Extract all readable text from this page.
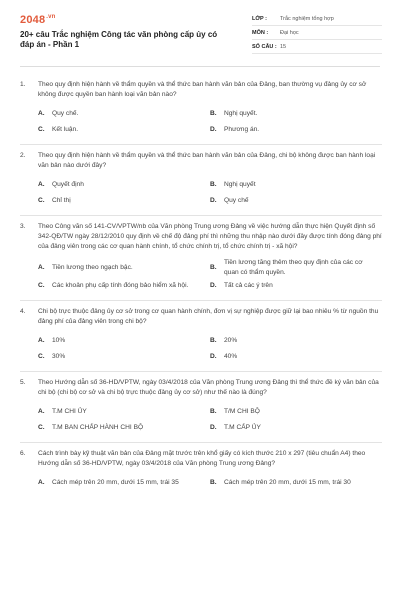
$2048^{.vn}$
20+ câu Trắc nghiệm Công tác văn phòng cấp ủy có đáp án - Phần 1
LỚP :	Trắc nghiệm tổng hợp
MÔN :	Đại học
SỐ CÂU : 15
1.	Theo quy định hiện hành về thẩm quyền và thể thức ban hành văn bản của Đảng, ban thường vụ đảng ủy cơ sở không được quyền ban hành loại văn bản nào?
A.	Quy chế.	B.	Nghị quyết.
C.	Kết luận.	D.	Phương án.
2.	Theo quy định hiện hành về thẩm quyền và thể thức ban hành văn bản của Đảng, chi bộ không được ban hành loại văn bản nào dưới đây?
A.	Quyết định	B.	Nghị quyết
C.	Chỉ thị	D.	Quy chế
3.	Theo Công văn số 141-CV/VPTW/nb của Văn phòng Trung ương Đảng về việc hướng dẫn thực hiện Quyết định số 342-QĐ/TW ngày 28/12/2010 quy định về chế độ đảng phí thì những thu nhập nào dưới đây được tính đóng đảng phí của đảng viên trong các cơ quan hành chính, tổ chức chính trị, tổ chức chính trị - xã hội?
A.	Tiền lương theo ngạch bậc.	B.
Tiền lương tăng thêm theo quy định của các cơ quan có thẩm quyền.
C.	Các khoản phụ cấp tính đóng bảo hiểm xã hội.	D.	Tất cả các ý trên
4.	Chi bộ trực thuộc đảng ủy cơ sở trong cơ quan hành chính, đơn vị sự nghiệp được giữ lại bao nhiêu % từ nguồn thu đảng phí của đảng viên trong chi bộ?
A.	10%	B.	20%
C.	30%	D.	40%
5.	Theo Hướng dẫn số 36-HD/VPTW, ngày 03/4/2018 của Văn phòng Trung ương Đảng thì thể thức đề ký văn bản của chi bộ (chi bộ cơ sở và chi bộ trực thuộc đảng ủy cơ sở) như thế nào là đúng?
A.	T.M CHI ỦY	B.	T/M CHI BỘ
C.	T.M BAN CHẤP HÀNH CHI BỘ	D.	T.M CẤP ỦY
6.	Cách trình bày kỹ thuật văn bản của Đảng mặt trước trên khổ giấy có kích thước 210 x 297 (tiêu chuẩn A4) theo Hướng dẫn số 36-HD/VPTW, ngày 03/4/2018 của Văn phòng Trung ương Đảng?
A.	Cách mép trên 20 mm, dưới 15 mm, trái 35	B.	Cách mép trên 20 mm, dưới 15 mm, trái 30
